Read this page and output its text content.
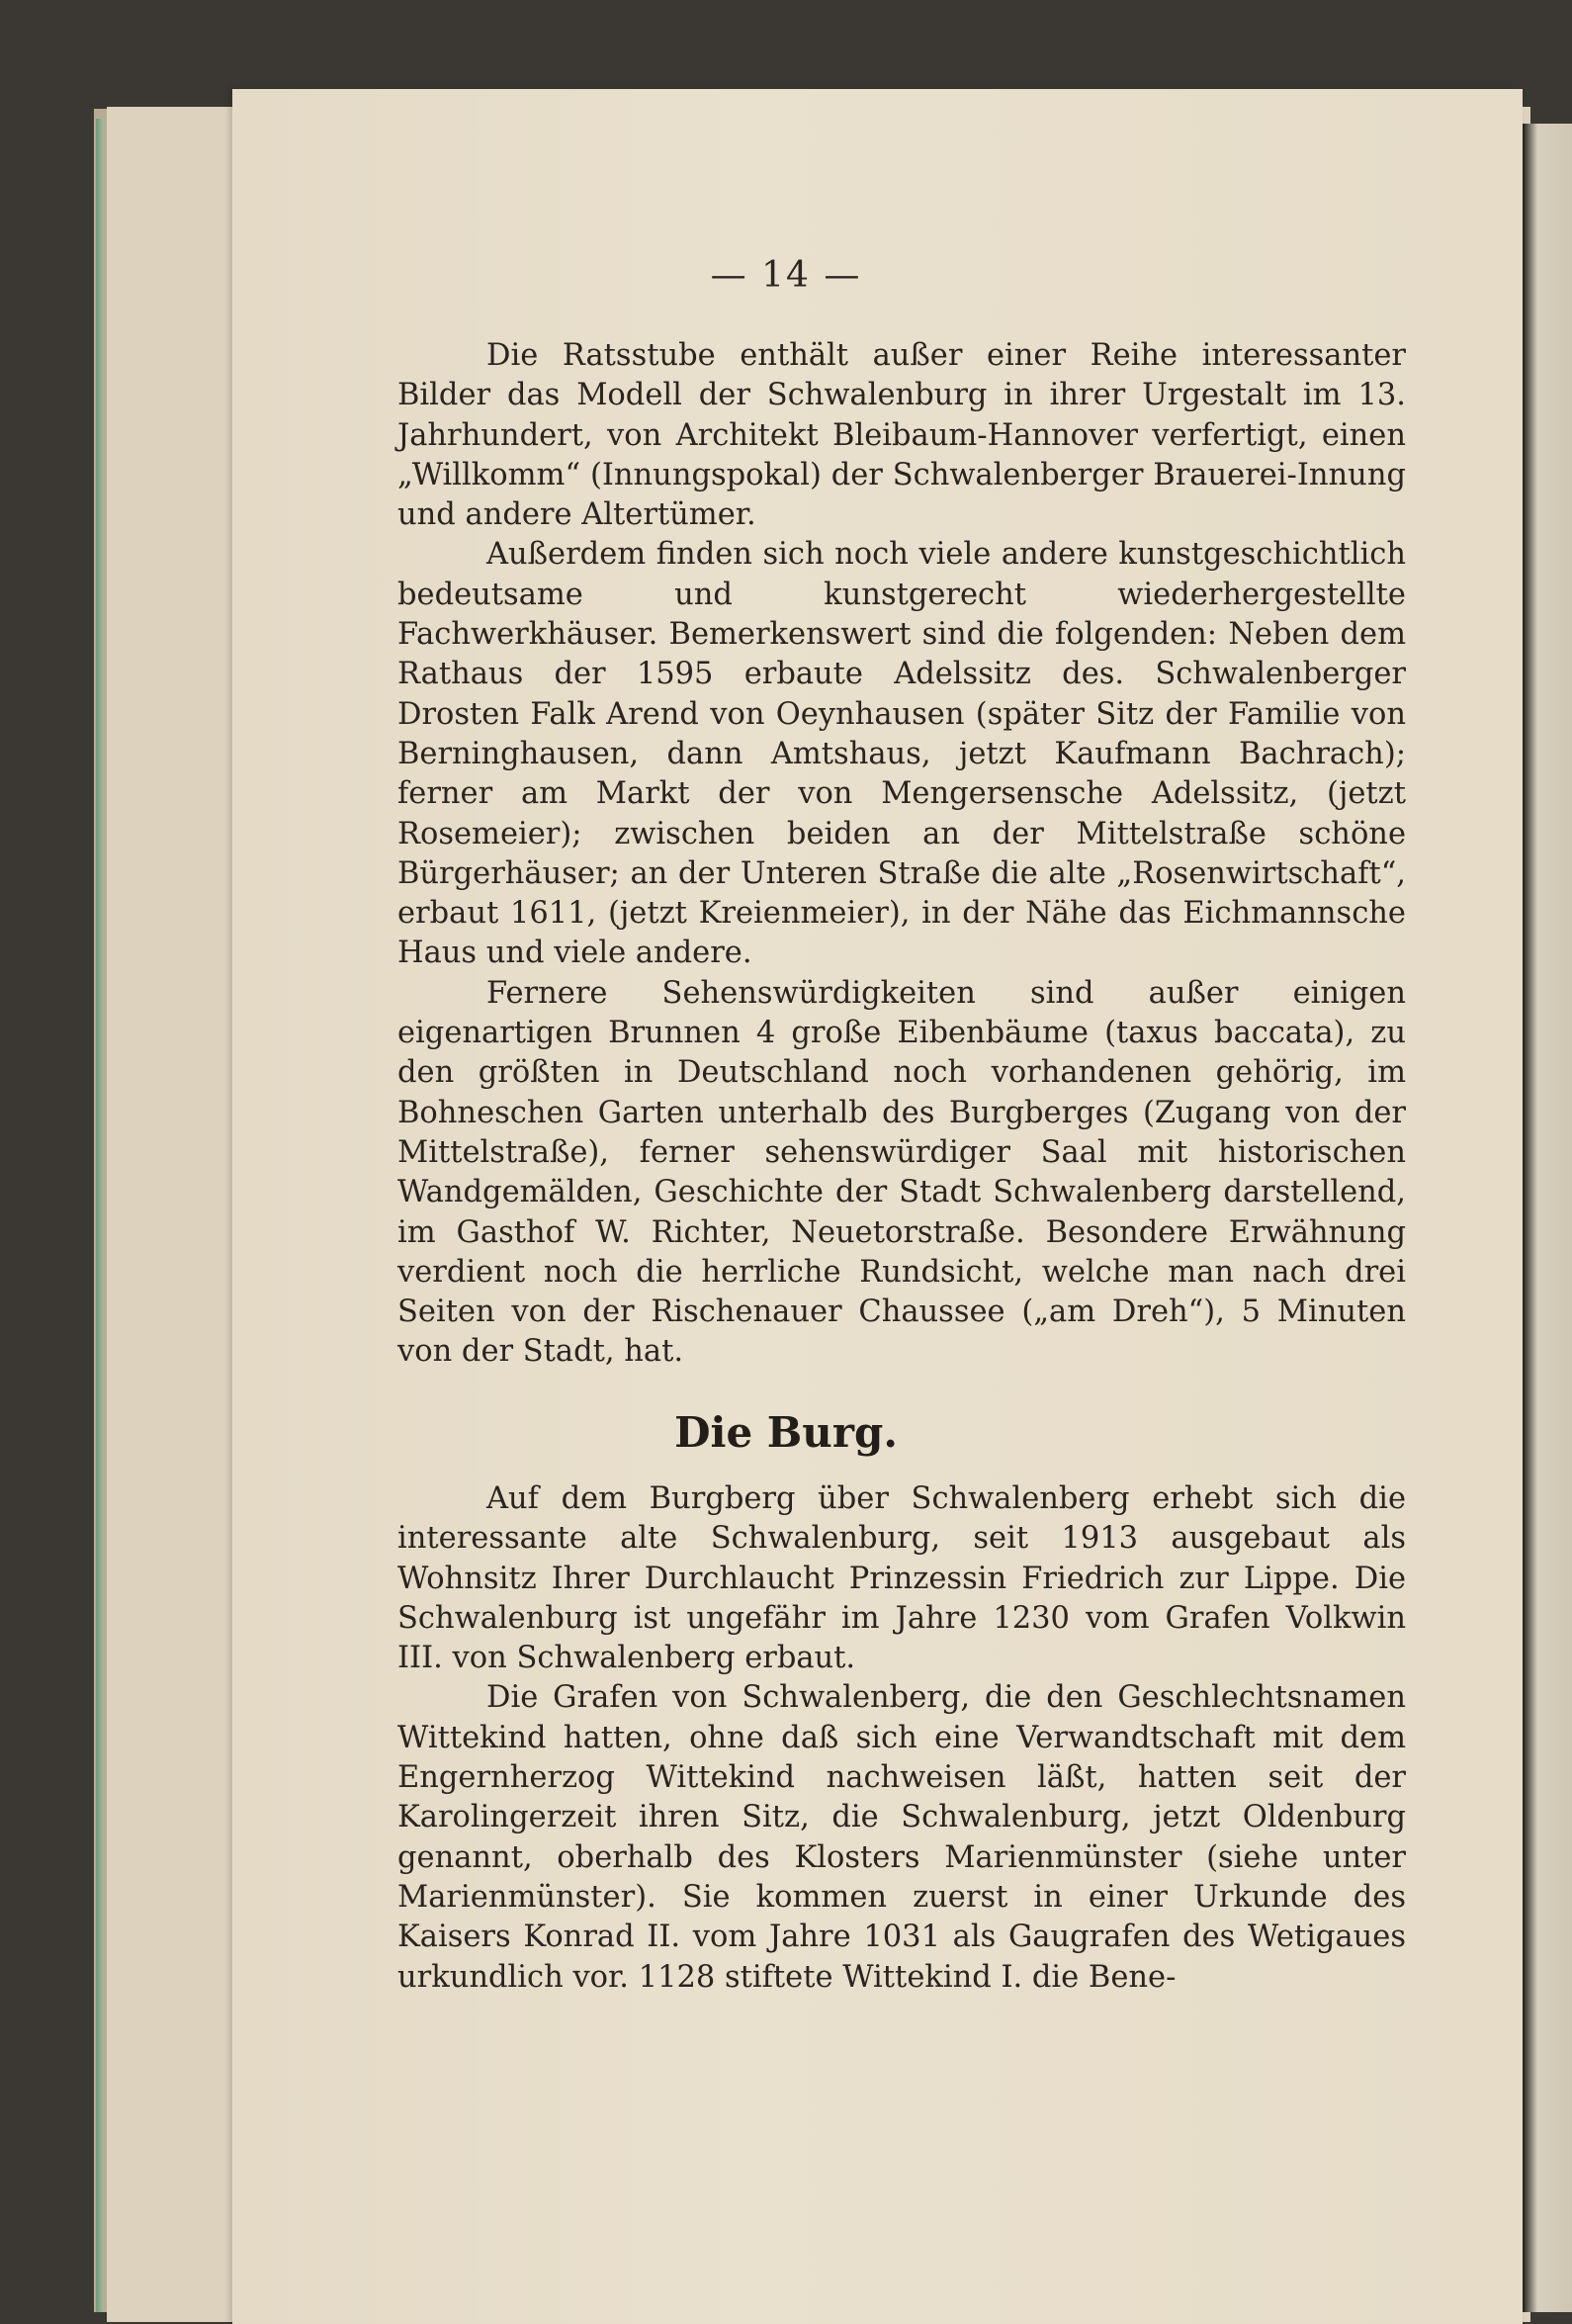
— 14 —

Die Ratsstube enthält außer einer Reihe interessanter Bilder das Modell der Schwalenburg in ihrer Urgestalt im 13. Jahrhundert, von Architekt Bleibaum-Hannover verfertigt, einen „Willkomm“ (Innungspokal) der Schwalenberger Brauerei-Innung und andere Altertümer.

Außerdem finden sich noch viele andere kunstgeschichtlich bedeutsame und kunstgerecht wiederhergestellte Fachwerkhäuser. Bemerkenswert sind die folgenden: Neben dem Rathaus der 1595 erbaute Adelssitz des. Schwalenberger Drosten Falk Arend von Oeynhausen (später Sitz der Familie von Berninghausen, dann Amtshaus, jetzt Kaufmann Bachrach); ferner am Markt der von Mengersensche Adelssitz, (jetzt Rosemeier); zwischen beiden an der Mittelstraße schöne Bürgerhäuser; an der Unteren Straße die alte „Rosenwirtschaft“, erbaut 1611, (jetzt Kreienmeier), in der Nähe das Eichmannsche Haus und viele andere.

Fernere Sehenswürdigkeiten sind außer einigen eigenartigen Brunnen 4 große Eibenbäume (taxus baccata), zu den größten in Deutschland noch vorhandenen gehörig, im Bohneschen Garten unterhalb des Burgberges (Zugang von der Mittelstraße), ferner sehenswürdiger Saal mit historischen Wandgemälden, Geschichte der Stadt Schwalenberg darstellend, im Gasthof W. Richter, Neuetorstraße. Besondere Erwähnung verdient noch die herrliche Rundsicht, welche man nach drei Seiten von der Rischenauer Chaussee („am Dreh“), 5 Minuten von der Stadt, hat.

Die Burg.

Auf dem Burgberg über Schwalenberg erhebt sich die interessante alte Schwalenburg, seit 1913 ausgebaut als Wohnsitz Ihrer Durchlaucht Prinzessin Friedrich zur Lippe. Die Schwalenburg ist ungefähr im Jahre 1230 vom Grafen Volkwin III. von Schwalenberg erbaut.

Die Grafen von Schwalenberg, die den Geschlechtsnamen Wittekind hatten, ohne daß sich eine Verwandtschaft mit dem Engernherzog Wittekind nachweisen läßt, hatten seit der Karolingerzeit ihren Sitz, die Schwalenburg, jetzt Oldenburg genannt, oberhalb des Klosters Marienmünster (siehe unter Marienmünster). Sie kommen zuerst in einer Urkunde des Kaisers Konrad II. vom Jahre 1031 als Gaugrafen des Wetigaues urkundlich vor. 1128 stiftete Wittekind I. die Bene-
